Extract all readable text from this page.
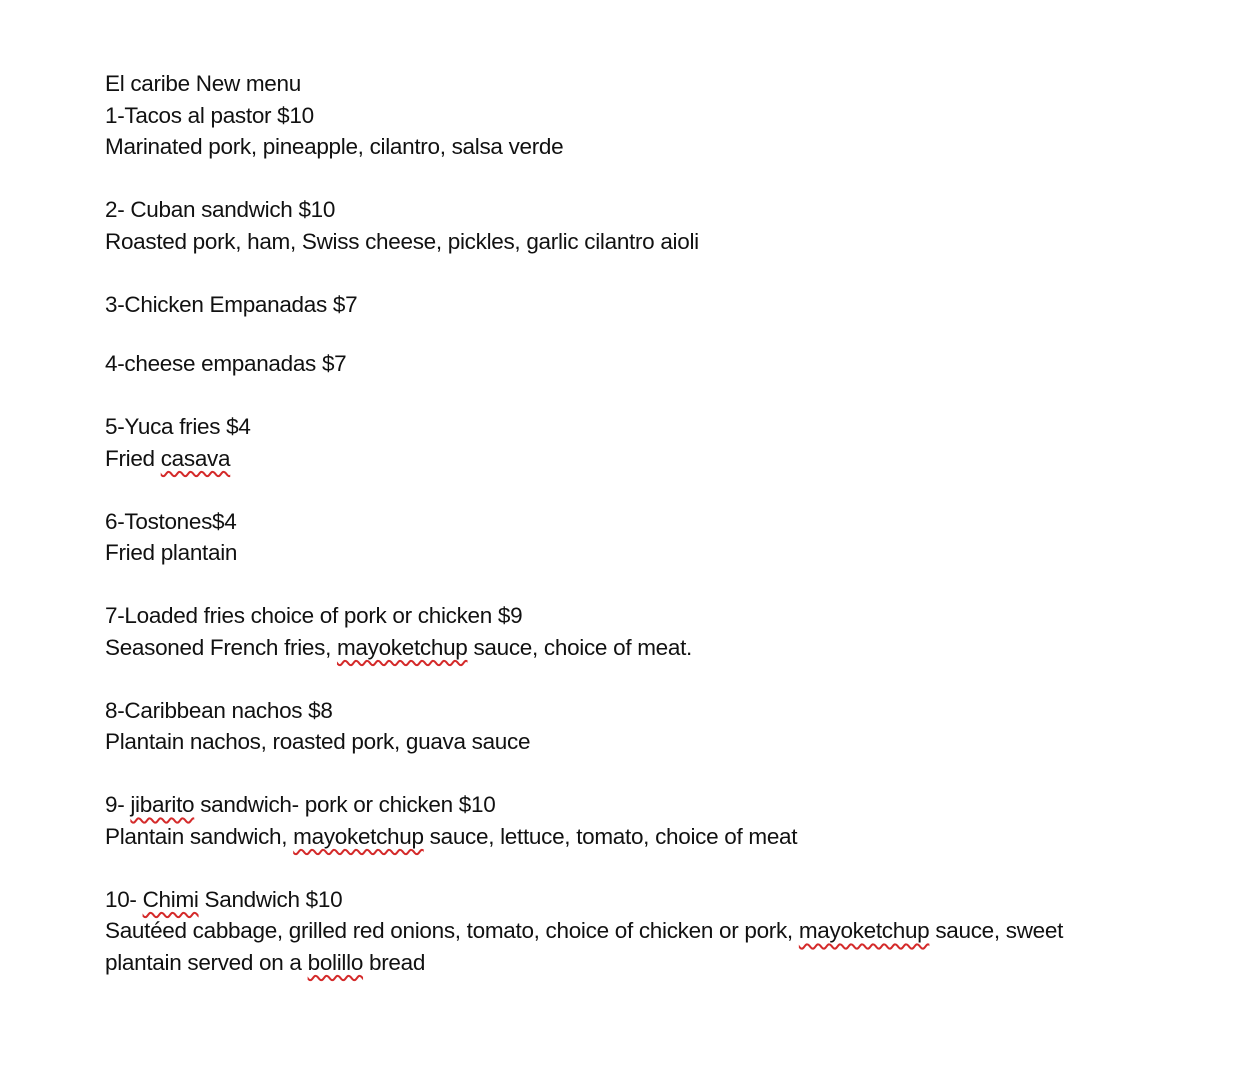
El caribe New menu
1-Tacos al pastor $10
Marinated pork, pineapple, cilantro, salsa verde
2- Cuban sandwich $10
Roasted pork, ham, Swiss cheese, pickles, garlic cilantro aioli
3-Chicken Empanadas $7
4-cheese empanadas $7
5-Yuca fries $4
Fried casava
6-Tostones$4
Fried plantain
7-Loaded fries choice of pork or chicken $9
Seasoned French fries, mayoketchup sauce, choice of meat.
8-Caribbean nachos $8
Plantain nachos, roasted pork, guava sauce
9- jibarito sandwich- pork or chicken $10
Plantain sandwich, mayoketchup sauce, lettuce, tomato, choice of meat
10- Chimi Sandwich $10
Sautéed cabbage, grilled red onions, tomato, choice of chicken or pork, mayoketchup sauce, sweet
plantain served on a bolillo bread
